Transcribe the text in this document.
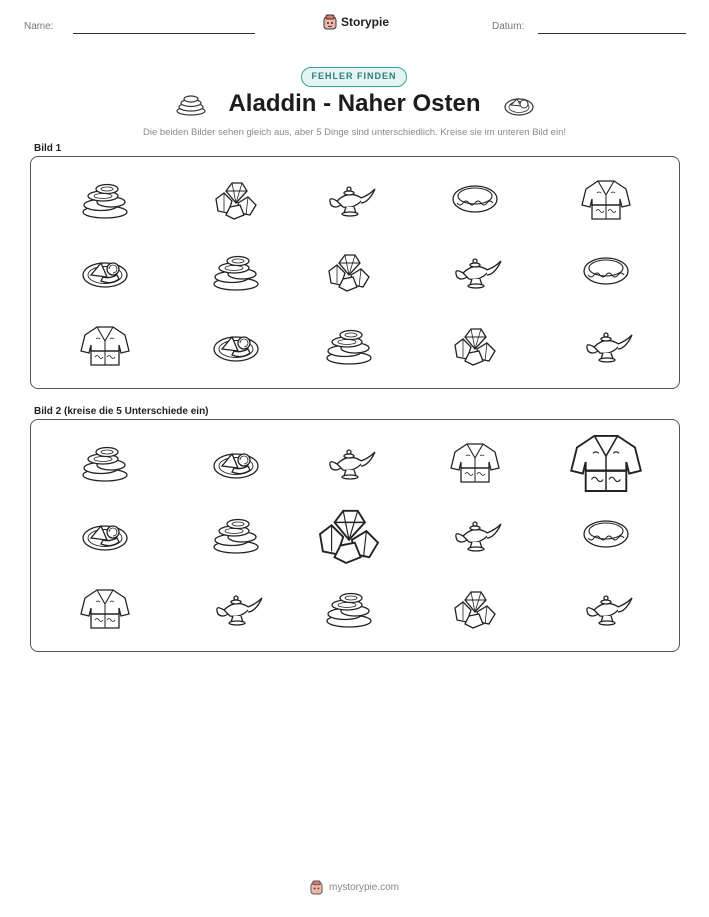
Name:	Storypie	Datum:
FEHLER FINDEN
Aladdin - Naher Osten
Die beiden Bilder sehen gleich aus, aber 5 Dinge sind unterschiedlich. Kreise sie im unteren Bild ein!
Bild 1
Bild 2 (kreise die 5 Unterschiede ein)
mystorypie.com
